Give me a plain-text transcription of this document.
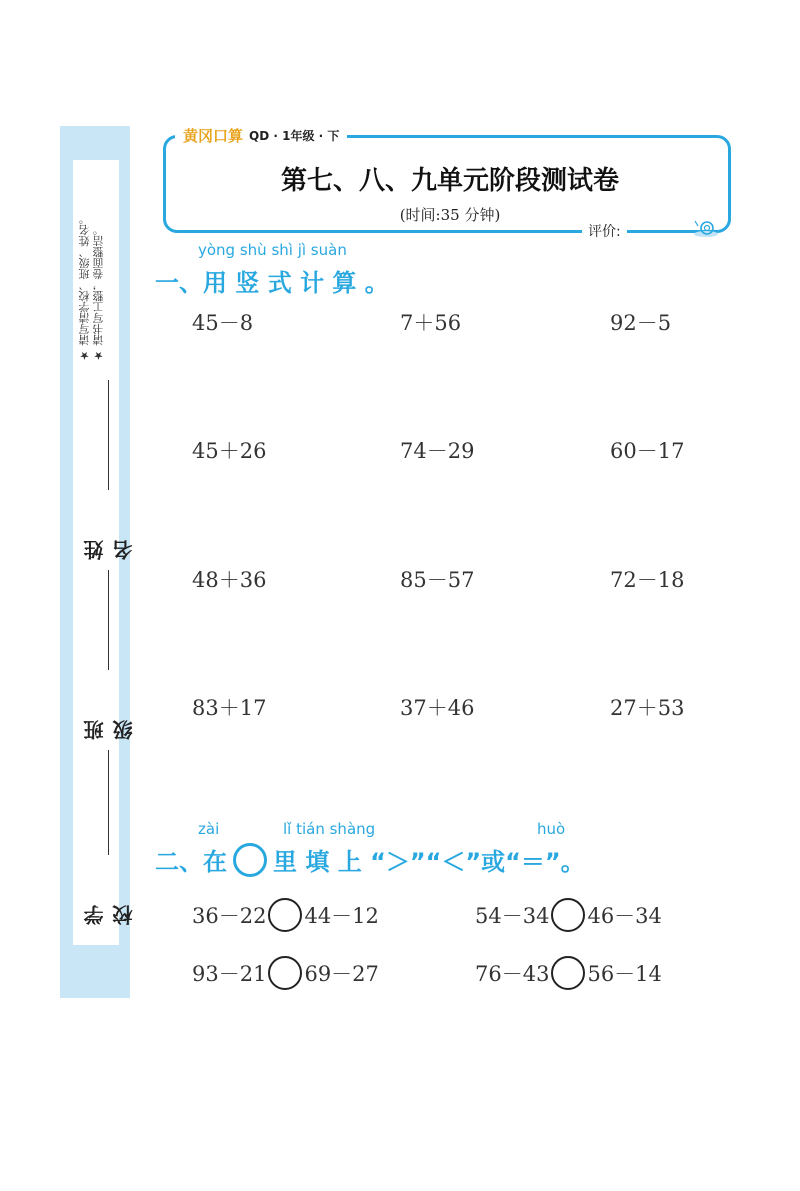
★ 请写清学校、班级、姓名。 ★ 请书写工整，卷面整洁。
姓 名
班 级
学 校
黄冈口算 QD · 1年级 · 下
第七、八、九单元阶段测试卷
(时间:35 分钟)
评价:
yòng shù shì jì suàn
一、用 竖 式 计 算 。
45－8	7＋56	92－5
45＋26	74－29	60－17
48＋36	85－57	72－18
83＋17	37＋46	27＋53
zài	lǐ tián shàng	huò
二、在 里 填 上 “＞”“＜”或“＝”。
36－22 44－12	54－34 46－34
93－21 69－27	76－43 56－14
